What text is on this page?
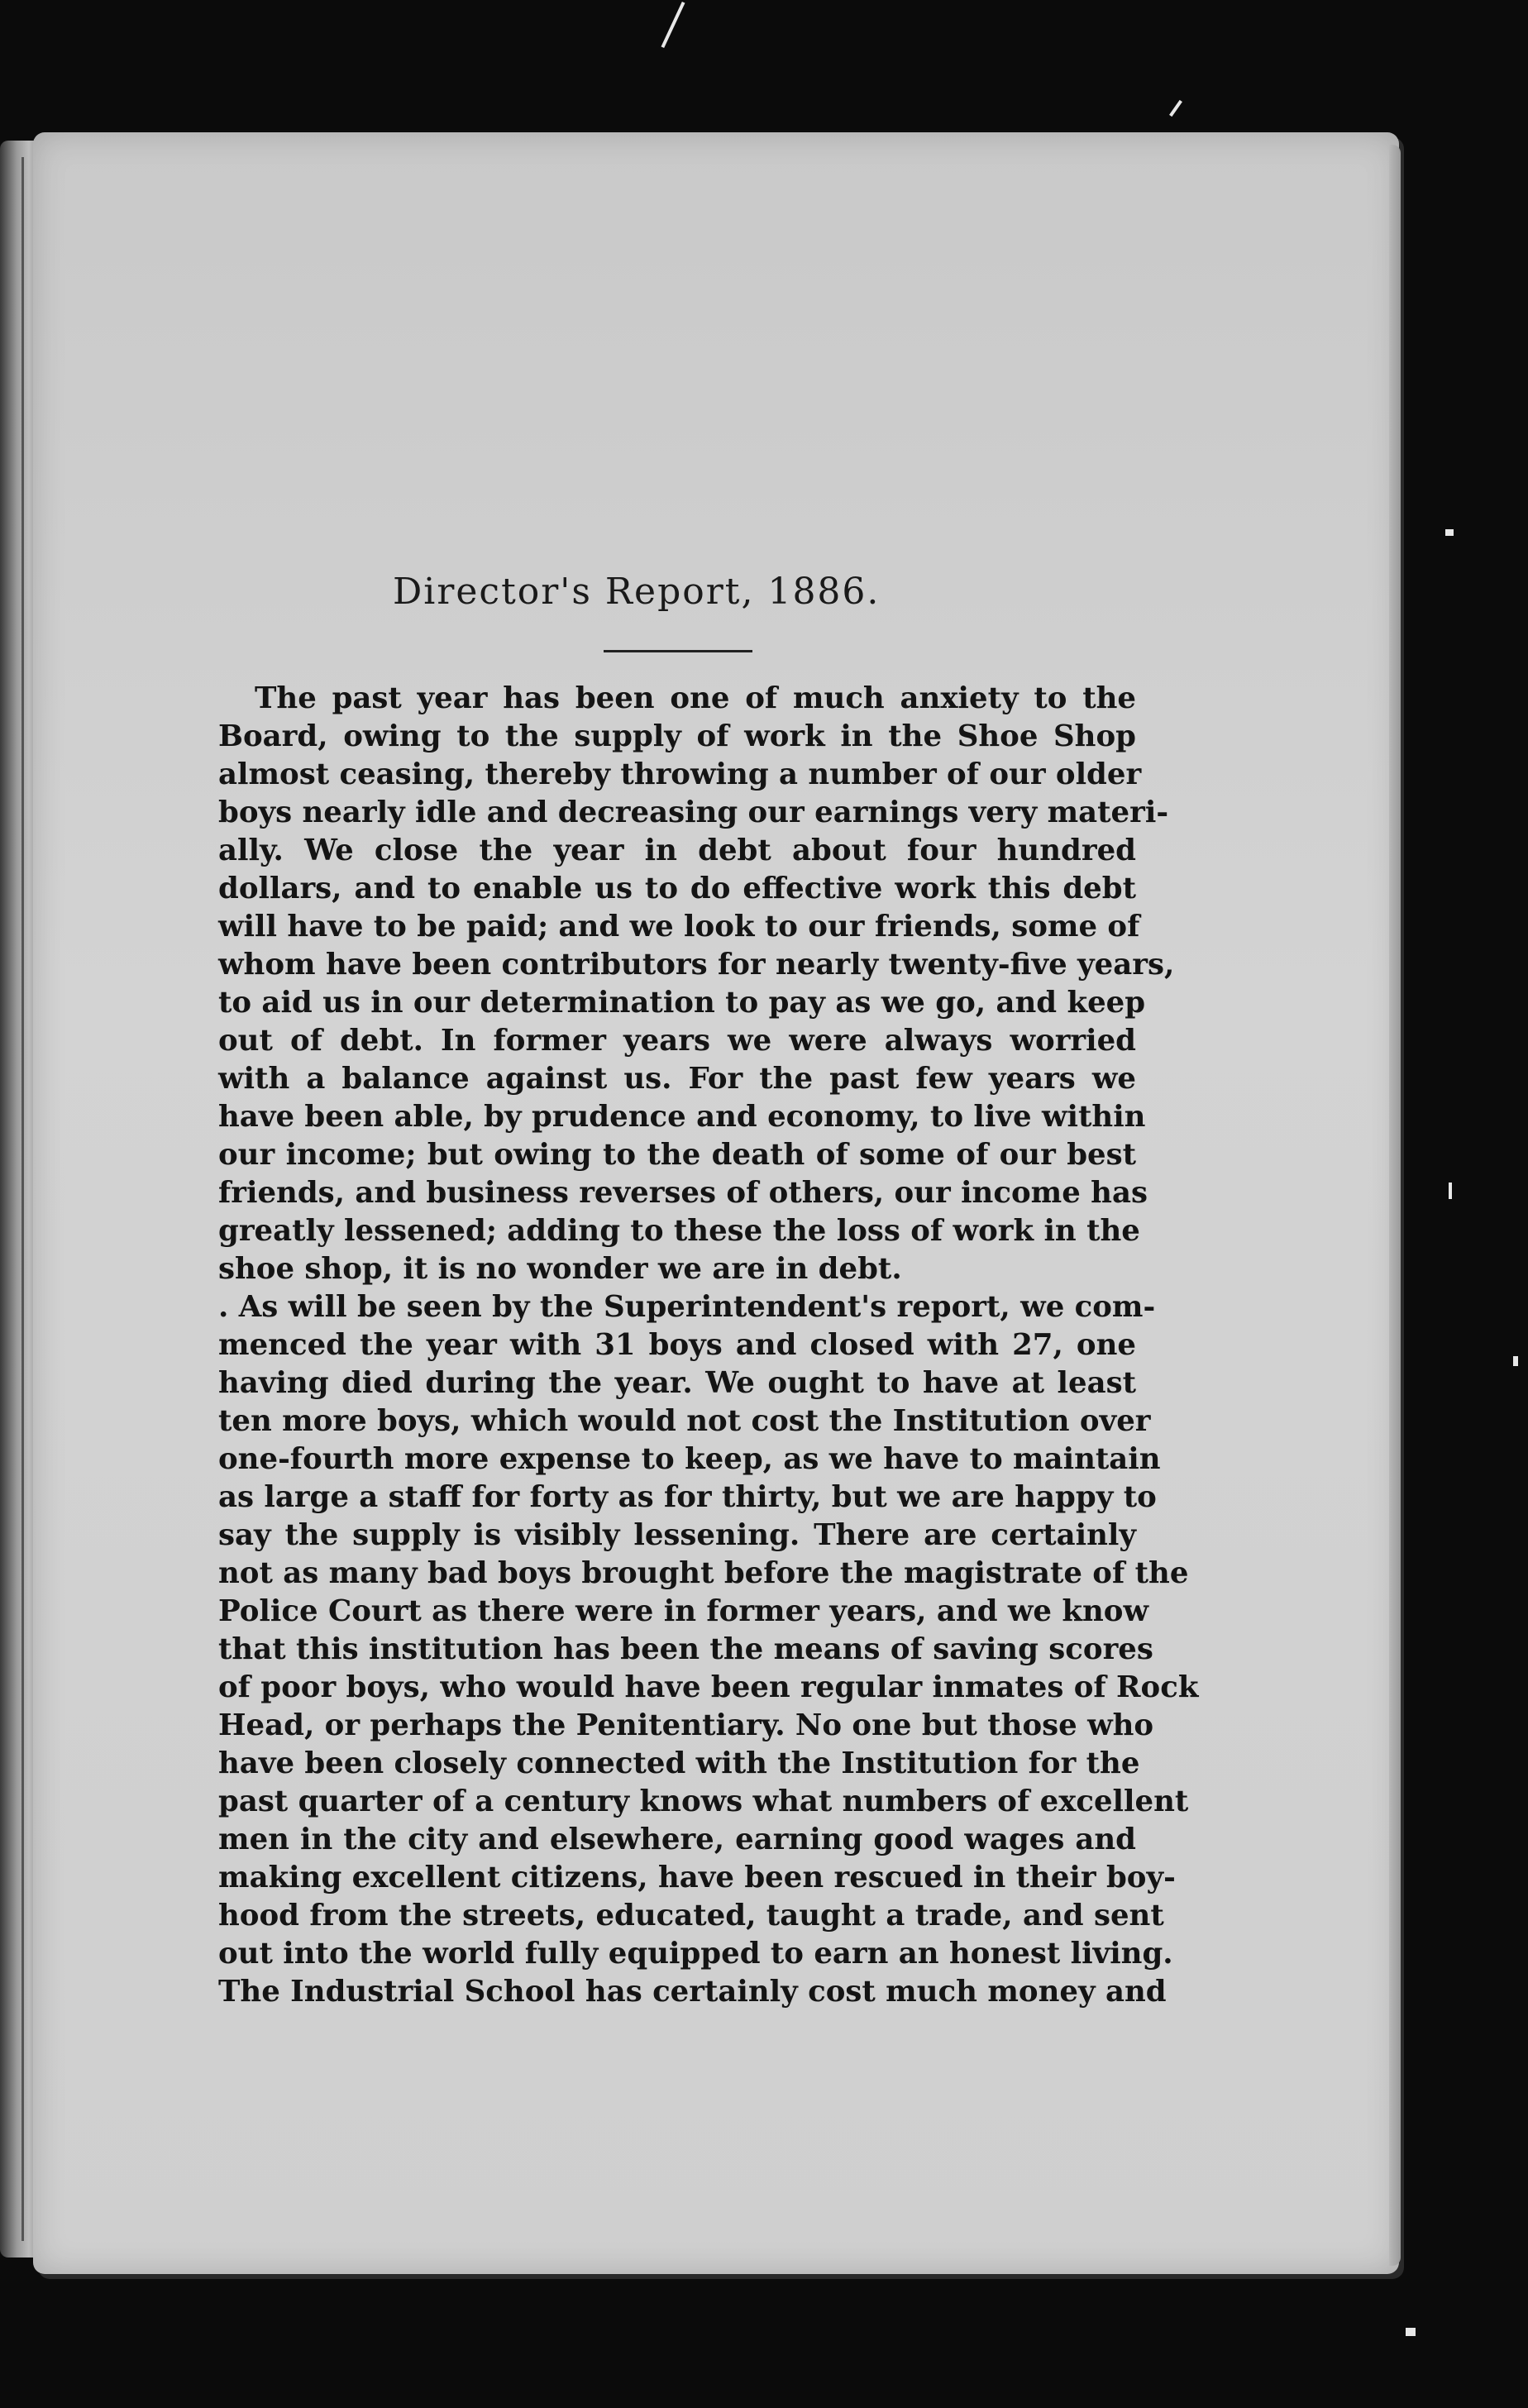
Director's Report, 1886.
The past year has been one of much anxiety to the
Board, owing to the supply of work in the Shoe Shop
almost ceasing, thereby throwing a number of our older
boys nearly idle and decreasing our earnings very materi-
ally. We close the year in debt about four hundred
dollars, and to enable us to do effective work this debt
will have to be paid; and we look to our friends, some of
whom have been contributors for nearly twenty-five years,
to aid us in our determination to pay as we go, and keep
out of debt. In former years we were always worried
with a balance against us. For the past few years we
have been able, by prudence and economy, to live within
our income; but owing to the death of some of our best
friends, and business reverses of others, our income has
greatly lessened; adding to these the loss of work in the
shoe shop, it is no wonder we are in debt.
. As will be seen by the Superintendent's report, we com-
menced the year with 31 boys and closed with 27, one
having died during the year. We ought to have at least
ten more boys, which would not cost the Institution over
one-fourth more expense to keep, as we have to maintain
as large a staff for forty as for thirty, but we are happy to
say the supply is visibly lessening. There are certainly
not as many bad boys brought before the magistrate of the
Police Court as there were in former years, and we know
that this institution has been the means of saving scores
of poor boys, who would have been regular inmates of Rock
Head, or perhaps the Penitentiary. No one but those who
have been closely connected with the Institution for the
past quarter of a century knows what numbers of excellent
men in the city and elsewhere, earning good wages and
making excellent citizens, have been rescued in their boy-
hood from the streets, educated, taught a trade, and sent
out into the world fully equipped to earn an honest living.
The Industrial School has certainly cost much money and
